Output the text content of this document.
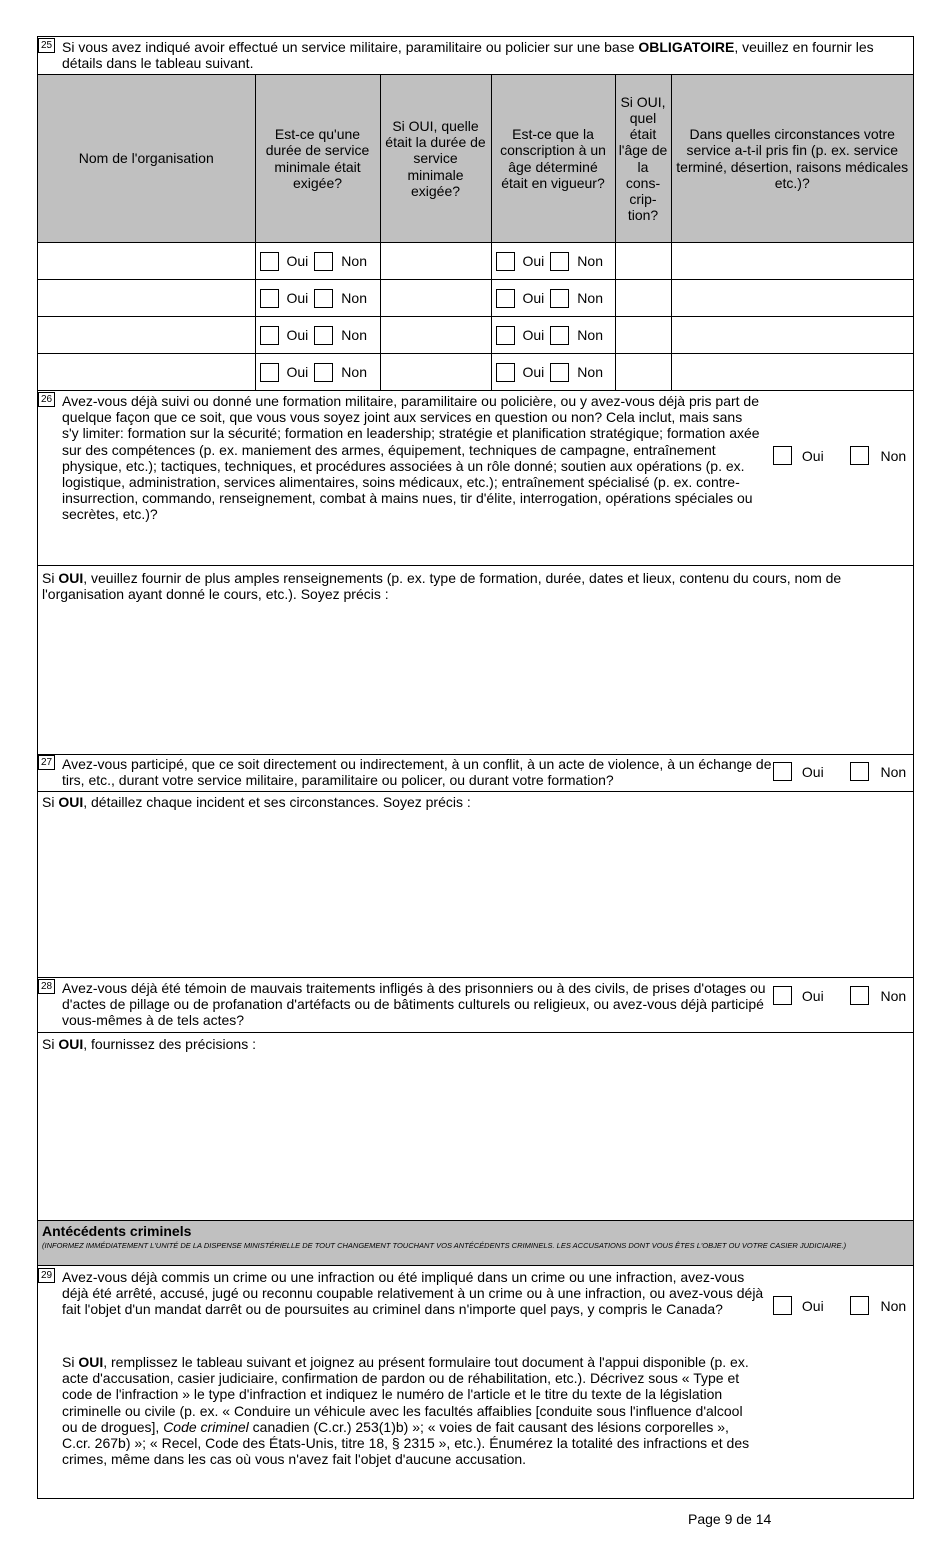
25 Si vous avez indiqué avoir effectué un service militaire, paramilitaire ou policier sur une base OBLIGATOIRE, veuillez en fournir les détails dans le tableau suivant.
Nom de l'organisation	Est-ce qu'une durée de service minimale était exigée?	Si OUI, quelle était la durée de service minimale exigée?	Est-ce que la conscription à un âge déterminé était en vigueur?	Si OUI, quel était l'âge de la cons-crip-tion?	Dans quelles circonstances votre service a-t-il pris fin (p. ex. service terminé, désertion, raisons médicales etc.)?

	Oui Non		Oui Non		

	Oui Non		Oui Non		

	Oui Non		Oui Non		

	Oui Non		Oui Non		

26 Avez-vous déjà suivi ou donné une formation militaire, paramilitaire ou policière, ou y avez-vous déjà pris part de quelque façon que ce soit, que vous vous soyez joint aux services en question ou non? Cela inclut, mais sans s'y limiter: formation sur la sécurité; formation en leadership; stratégie et planification stratégique; formation axée sur des compétences (p. ex. maniement des armes, équipement, techniques de campagne, entraînement physique, etc.); tactiques, techniques, et procédures associées à un rôle donné; soutien aux opérations (p. ex. logistique, administration, services alimentaires, soins médicaux, etc.); entraînement spécialisé (p. ex. contre-insurrection, commando, renseignement, combat à mains nues, tir d'élite, interrogation, opérations spéciales ou secrètes, etc.)?
Oui	Non
Si OUI, veuillez fournir de plus amples renseignements (p. ex. type de formation, durée, dates et lieux, contenu du cours, nom de l'organisation ayant donné le cours, etc.). Soyez précis :
27 Avez-vous participé, que ce soit directement ou indirectement, à un conflit, à un acte de violence, à un échange de tirs, etc., durant votre service militaire, paramilitaire ou policer, ou durant votre formation?
Oui	Non
Si OUI, détaillez chaque incident et ses circonstances. Soyez précis :
28 Avez-vous déjà été témoin de mauvais traitements infligés à des prisonniers ou à des civils, de prises d'otages ou d'actes de pillage ou de profanation d'artéfacts ou de bâtiments culturels ou religieux, ou avez-vous déjà participé vous-mêmes à de tels actes?
Oui	Non
Si OUI, fournissez des précisions :
Antécédents criminels
(INFORMEZ IMMÉDIATEMENT L'UNITÉ DE LA DISPENSE MINISTÉRIELLE DE TOUT CHANGEMENT TOUCHANT VOS ANTÉCÉDENTS CRIMINELS. LES ACCUSATIONS DONT VOUS ÊTES L'OBJET OU VOTRE CASIER JUDICIAIRE.)
29 Avez-vous déjà commis un crime ou une infraction ou été impliqué dans un crime ou une infraction, avez-vous déjà été arrêté, accusé, jugé ou reconnu coupable relativement à un crime ou à une infraction, ou avez-vous déjà fait l'objet d'un mandat darrêt ou de poursuites au criminel dans n'importe quel pays, y compris le Canada?	Oui	Non
Si OUI, remplissez le tableau suivant et joignez au présent formulaire tout document à l'appui disponible (p. ex. acte d'accusation, casier judiciaire, confirmation de pardon ou de réhabilitation, etc.). Décrivez sous « Type et code de l'infraction » le type d'infraction et indiquez le numéro de l'article et le titre du texte de la législation criminelle ou civile (p. ex. « Conduire un véhicule avec les facultés affaiblies [conduite sous l'influence d'alcool ou de drogues], Code criminel canadien (C.cr.) 253(1)b) »; « voies de fait causant des lésions corporelles », C.cr. 267b) »; « Recel, Code des États-Unis, titre 18, § 2315 », etc.). Énumérez la totalité des infractions et des crimes, même dans les cas où vous n'avez fait l'objet d'aucune accusation.
Page 9 de 14
